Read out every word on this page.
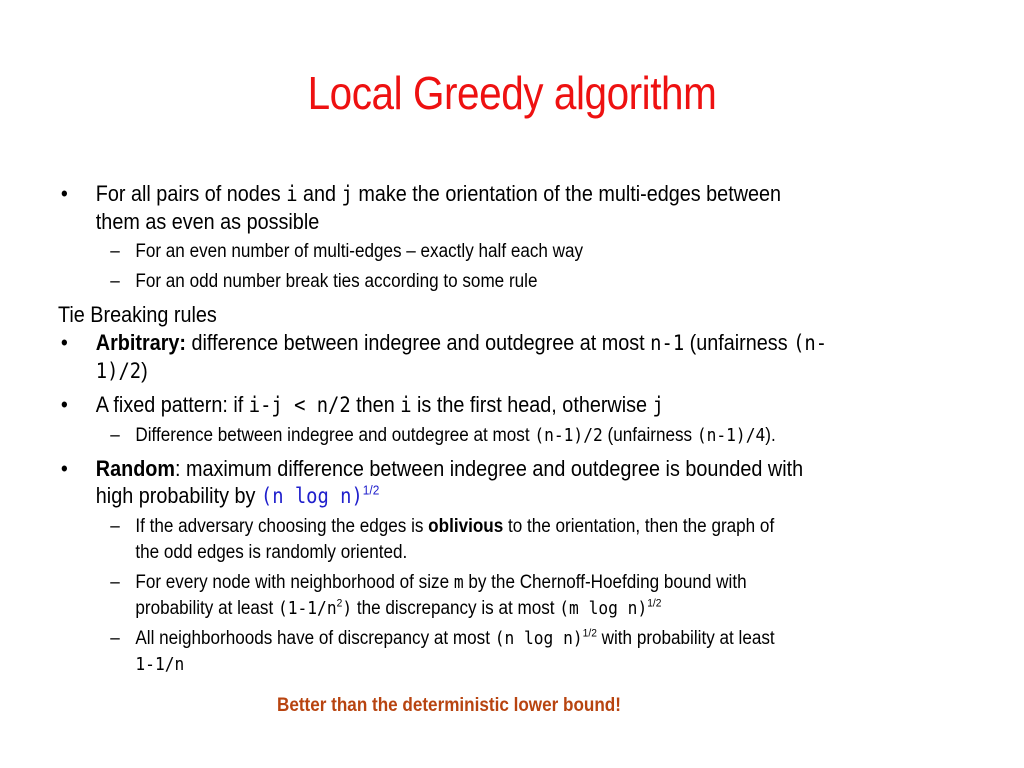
Local Greedy algorithm
• For all pairs of nodes i and j make the orientation of the multi-edges between
them as even as possible
– For an even number of multi-edges – exactly half each way
– For an odd number break ties according to some rule
Tie Breaking rules
• Arbitrary: difference between indegree and outdegree at most n-1 (unfairness (n-
1)/2)
• A fixed pattern: if i-j < n/2 then i is the first head, otherwise j
– Difference between indegree and outdegree at most (n-1)/2 (unfairness (n-1)/4).
• Random: maximum difference between indegree and outdegree is bounded with
high probability by (n log n)$^{1/2}$
– If the adversary choosing the edges is oblivious to the orientation, then the graph of
the odd edges is randomly oriented.
– For every node with neighborhood of size m by the Chernoff-Hoefding bound with
probability at least $(1-1/n^2)$ the discrepancy is at most (m log n)$^{1/2}$
– All neighborhoods have of discrepancy at most (n log n)$^{1/2}$ with probability at least
1-1/n
Better than the deterministic lower bound!
